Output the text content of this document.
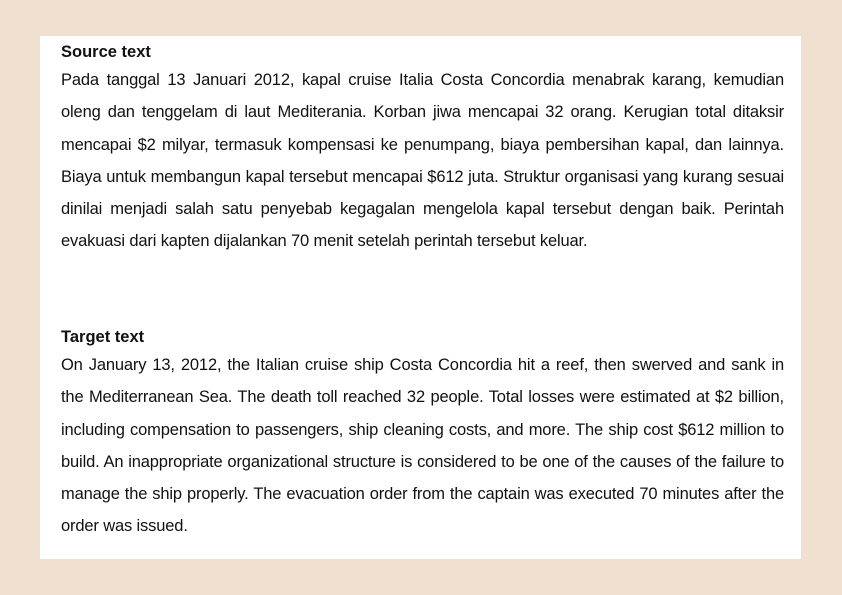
Source text

Pada tanggal 13 Januari 2012, kapal cruise Italia Costa Concordia menabrak karang, kemudian oleng dan tenggelam di laut Mediterania. Korban jiwa mencapai 32 orang. Kerugian total ditaksir mencapai $2 milyar, termasuk kompensasi ke penumpang, biaya pembersihan kapal, dan lainnya. Biaya untuk membangun kapal tersebut mencapai $612 juta. Struktur organisasi yang kurang sesuai dinilai menjadi salah satu penyebab kegagalan mengelola kapal tersebut dengan baik. Perintah evakuasi dari kapten dijalankan 70 menit setelah perintah tersebut keluar.

Target text

On January 13, 2012, the Italian cruise ship Costa Concordia hit a reef, then swerved and sank in the Mediterranean Sea. The death toll reached 32 people. Total losses were estimated at $2 billion, including compensation to passengers, ship cleaning costs, and more. The ship cost $612 million to build. An inappropriate organizational structure is considered to be one of the causes of the failure to manage the ship properly. The evacuation order from the captain was executed 70 minutes after the order was issued.
